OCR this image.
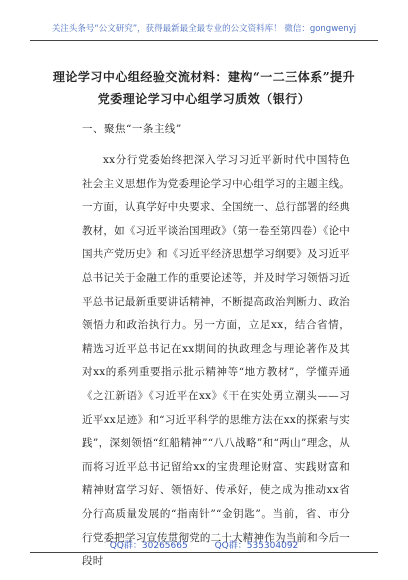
关注头条号“公文研究”，获得最新最全最专业的公文资料库！ 微信：gongwenyj
理论学习中心组经验交流材料：建构“一二三体系”提升
党委理论学习中心组学习质效（银行）
一、聚焦“一条主线”
xx分行党委始终把深入学习习近平新时代中国特色社会主义思想作为党委理论学习中心组学习的主题主线。一方面，认真学好中央要求、全国统一、总行部署的经典教材，如《习近平谈治国理政》（第一卷至第四卷）《论中国共产党历史》和《习近平经济思想学习纲要》及习近平总书记关于金融工作的重要论述等，并及时学习领悟习近平总书记最新重要讲话精神，不断提高政治判断力、政治领悟力和政治执行力。另一方面，立足xx，结合省情，精选习近平总书记在xx期间的执政理念与理论著作及其对xx的系列重要指示批示精神等“地方教材”，学懂弄通《之江新语》《习近平在xx》《干在实处勇立潮头——习近平xx足迹》和“习近平科学的思维方法在xx的探索与实践”，深刻领悟“红船精神”“八八战略”和“两山”理念，从而将习近平总书记留给xx的宝贵理论财富、实践财富和精神财富学习好、领悟好、传承好，使之成为推动xx省分行高质量发展的“指南针”“金钥匙”。当前，省、市分行党委把学习宣传贯彻党的二十大精神作为当前和今后一段时
QQ群：30265665	QQ群：535304092
